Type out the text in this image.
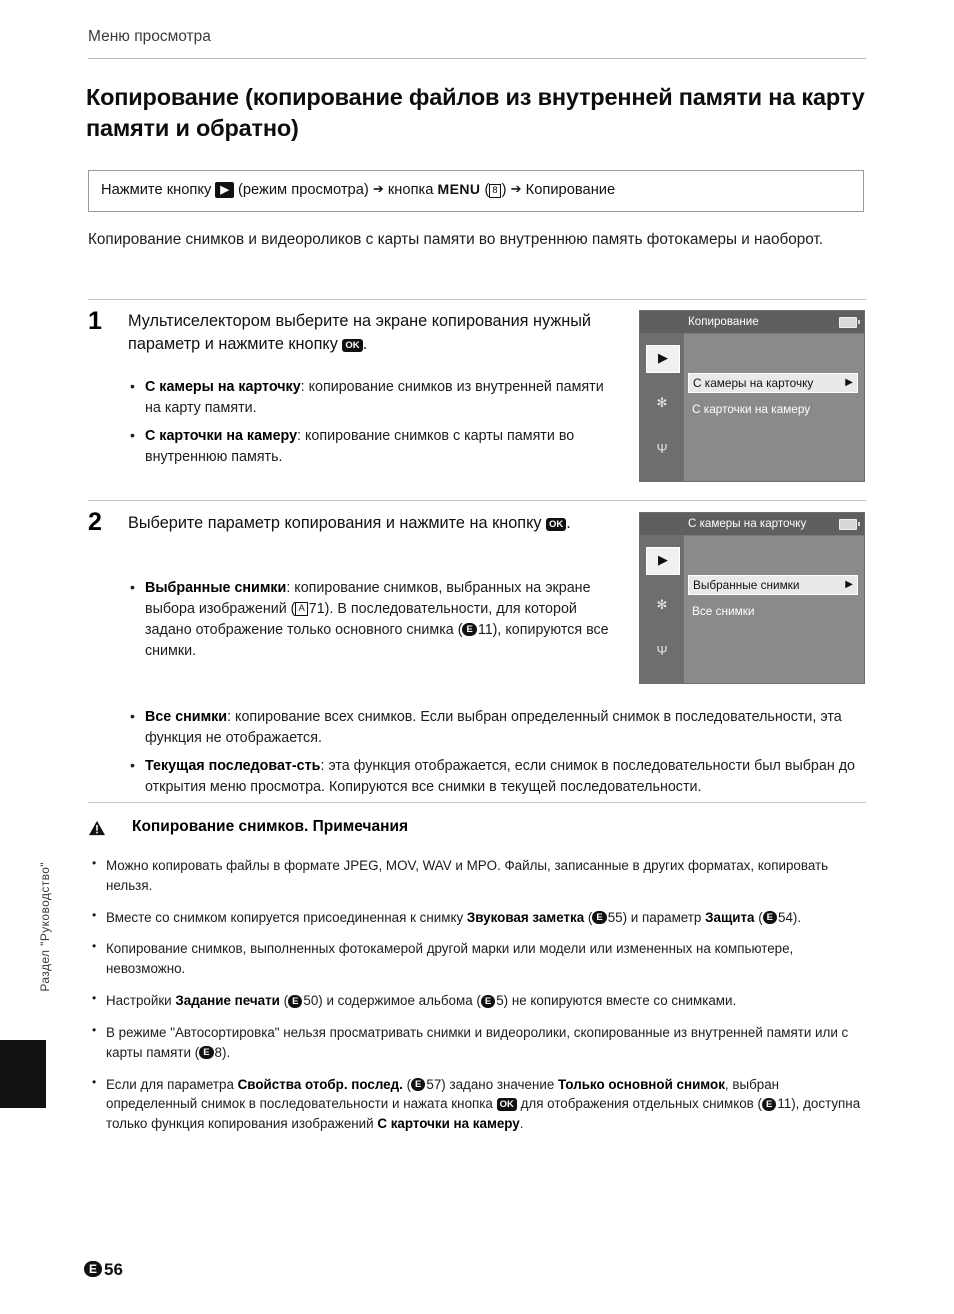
Меню просмотра
Копирование (копирование файлов из внутренней памяти на карту памяти и обратно)
Нажмите кнопку ▶ (режим просмотра) ➔ кнопка MENU ( 8 ) ➔ Копирование
Копирование снимков и видеороликов с карты памяти во внутреннюю память фотокамеры и наоборот.
1 Мультиселектором выберите на экране копирования нужный параметр и нажмите кнопку OK .
• С камеры на карточку: копирование снимков из внутренней памяти на карту памяти.
• С карточки на камеру: копирование снимков с карты памяти во внутреннюю память.
Копирование
▶
✻
Ψ
С камеры на карточку	▶
С карточки на камеру
2 Выберите параметр копирования и нажмите на кнопку OK .
• Выбранные снимки: копирование снимков, выбранных на экране выбора изображений ( A 71). В последовательности, для которой задано отображение только основного снимка ( E 11), копируются все снимки.
• Все снимки: копирование всех снимков. Если выбран определенный снимок в последовательности, эта функция не отображается.
• Текущая последоват-сть: эта функция отображается, если снимок в последовательности был выбран до открытия меню просмотра. Копируются все снимки в текущей последовательности.
С камеры на карточку
▶
✻
Ψ
Выбранные снимки	▶
Все снимки
Копирование снимков. Примечания
• Можно копировать файлы в формате JPEG, MOV, WAV и MPO. Файлы, записанные в других форматах, копировать нельзя.
• Вместе со снимком копируется присоединенная к снимку Звуковая заметка ( E 55) и параметр Защита ( E 54).
• Копирование снимков, выполненных фотокамерой другой марки или модели или измененных на компьютере, невозможно.
• Настройки Задание печати ( E 50) и содержимое альбома ( E 5) не копируются вместе со снимками.
• В режиме "Автосортировка" нельзя просматривать снимки и видеоролики, скопированные из внутренней памяти или с карты памяти ( E 8).
• Если для параметра Свойства отобр. послед. ( E 57) задано значение Только основной снимок, выбран определенный снимок в последовательности и нажата кнопка OK для отображения отдельных снимков ( E 11), доступна только функция копирования изображений С карточки на камеру.
Раздел "Руководство"
E 56
